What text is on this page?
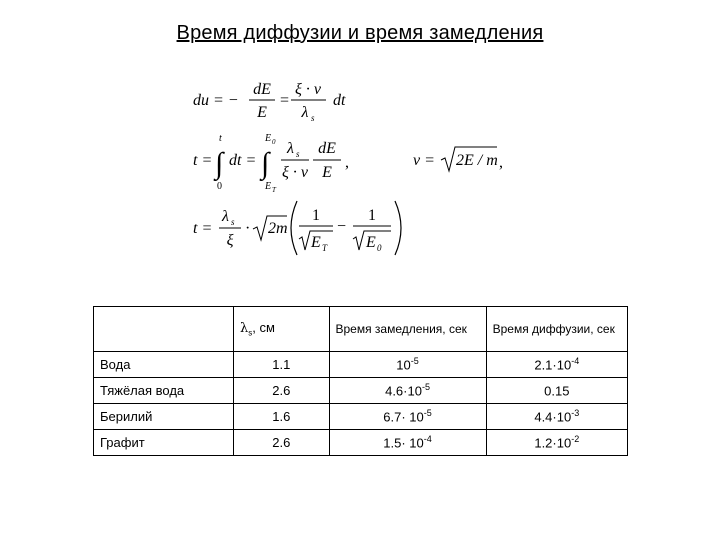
Время диффузии и время замедления
du = −
dE
E
=
ξ · v
λ s
dt
t =
t
∫
0
dt =
E 0
∫
E T
λ s
ξ · v
dE
E
,	v = 2E / m ,
t =
λ s
ξ
· 2m
1
E T
−
1
E 0
	$\lambda_s$, см	Время замедления, сек	Время диффузии, сек
Вода	1.1	$10^{-5}$	$2.1\cdot 10^{-4}$
Тяжёлая вода	2.6	$4.6\cdot 10^{-5}$	0.15
Берилий	1.6	$6.7\cdot 10^{-5}$	$4.4\cdot 10^{-3}$
Графит	2.6	$1.5\cdot 10^{-4}$	$1.2\cdot 10^{-2}$
